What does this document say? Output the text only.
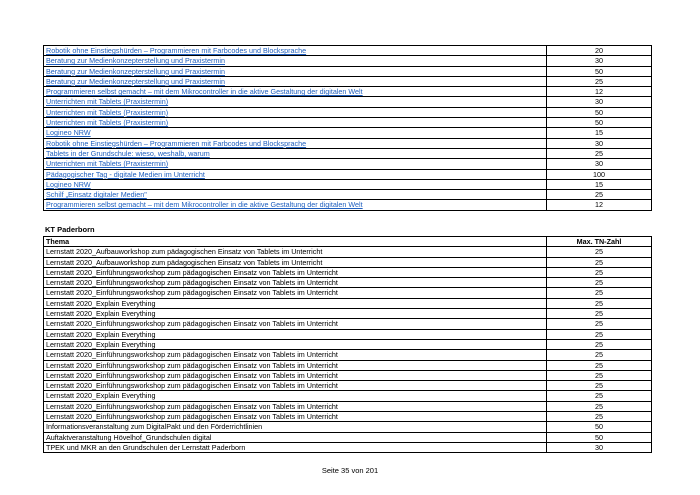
Robotik ohne Einstiegshürden – Programmieren mit Farbcodes und Blocksprache	20
Beratung zur Medienkonzepterstellung und Praxistermin	30
Beratung zur Medienkonzepterstellung und Praxistermin	50
Beratung zur Medienkonzepterstellung und Praxistermin	25
Programmieren selbst gemacht – mit dem Mikrocontroller in die aktive Gestaltung der digitalen Welt	12
Unterrichten mit Tablets (Praxistermin)	30
Unterrichten mit Tablets (Praxistermin)	50
Unterrichten mit Tablets (Praxistermin)	50
Logineo NRW	15
Robotik ohne Einstiegshürden – Programmieren mit Farbcodes und Blocksprache	30
Tablets in der Grundschule: wieso, weshalb, warum	25
Unterrichten mit Tablets (Praxistermin)	30
Pädagogischer Tag - digitale Medien im Unterricht	100
Logineo NRW	15
Schilf „Einsatz digitaler Medien"	25
Programmieren selbst gemacht – mit dem Mikrocontroller in die aktive Gestaltung der digitalen Welt	12
KT Paderborn
Thema	Max. TN-Zahl
Lernstatt 2020_Aufbauworkshop zum pädagogischen Einsatz von Tablets im Unterricht	25
Lernstatt 2020_Aufbauworkshop zum pädagogischen Einsatz von Tablets im Unterricht	25
Lernstatt 2020_Einführungsworkshop zum pädagogischen Einsatz von Tablets im Unterricht	25
Lernstatt 2020_Einführungsworkshop zum pädagogischen Einsatz von Tablets im Unterricht	25
Lernstatt 2020_Einführungsworkshop zum pädagogischen Einsatz von Tablets im Unterricht	25
Lernstatt 2020_Explain Everything	25
Lernstatt 2020_Explain Everything	25
Lernstatt 2020_Einführungsworkshop zum pädagogischen Einsatz von Tablets im Unterricht	25
Lernstatt 2020_Explain Everything	25
Lernstatt 2020_Explain Everything	25
Lernstatt 2020_Einführungsworkshop zum pädagogischen Einsatz von Tablets im Unterricht	25
Lernstatt 2020_Einführungsworkshop zum pädagogischen Einsatz von Tablets im Unterricht	25
Lernstatt 2020_Einführungsworkshop zum pädagogischen Einsatz von Tablets im Unterricht	25
Lernstatt 2020_Einführungsworkshop zum pädagogischen Einsatz von Tablets im Unterricht	25
Lernstatt 2020_Explain Everything	25
Lernstatt 2020_Einführungsworkshop zum pädagogischen Einsatz von Tablets im Unterricht	25
Lernstatt 2020_Einführungsworkshop zum pädagogischen Einsatz von Tablets im Unterricht	25
Informationsveranstaltung zum DigitalPakt und den Förderrichtlinien	50
Auftaktveranstaltung Hövelhof_Grundschulen digital	50
TPEK und MKR an den Grundschulen der Lernstatt Paderborn	30
Seite 35 von 201
